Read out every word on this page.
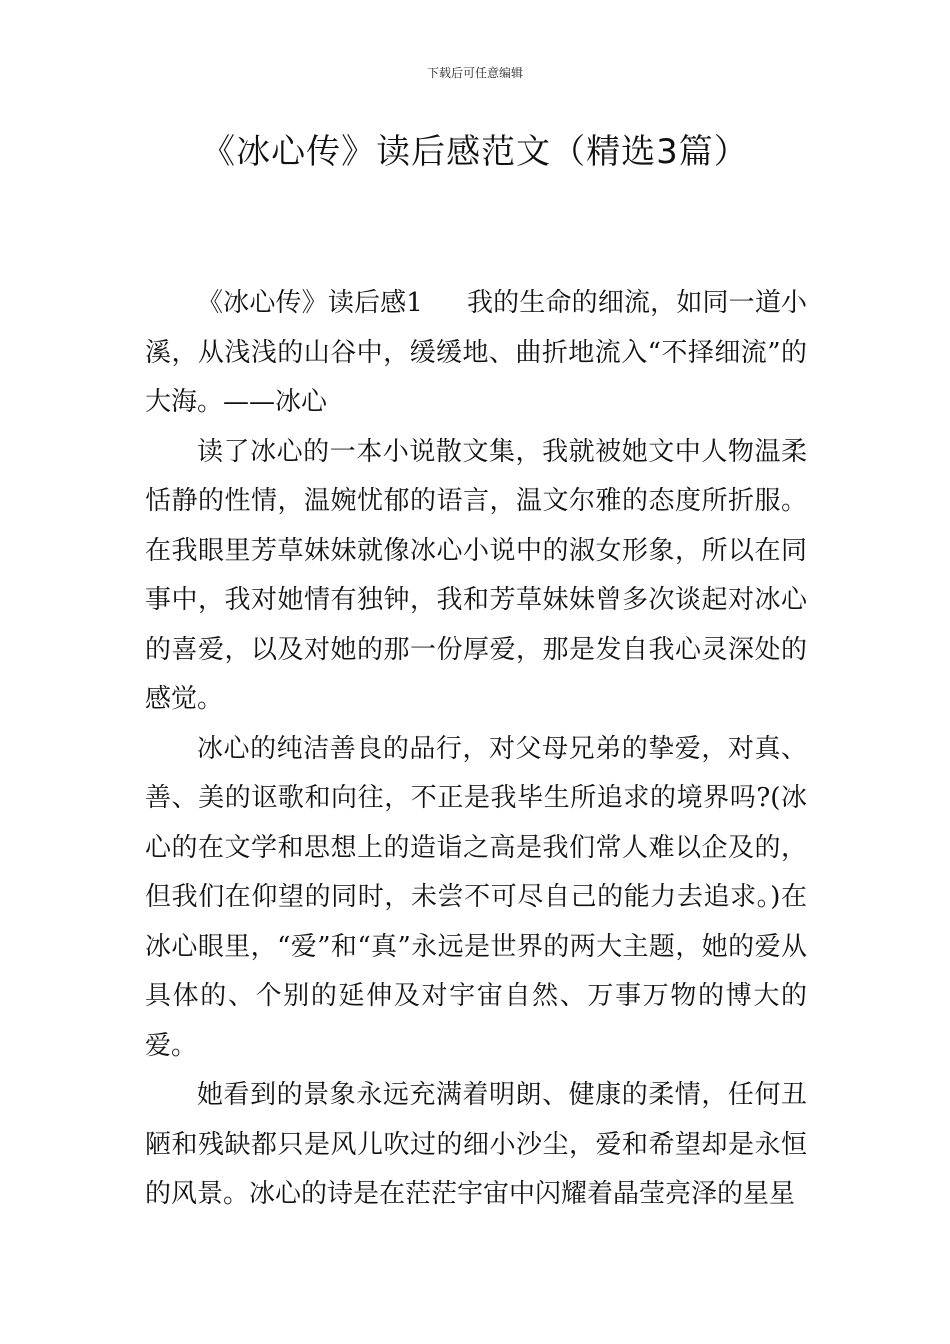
下载后可任意编辑
《冰心传》读后感范文（精选3篇）

《冰心传》读后感1 我的生命的细流，如同一道小溪，从浅浅的山谷中，缓缓地、曲折地流入“不择细流”的大海。——冰心

读了冰心的一本小说散文集，我就被她文中人物温柔恬静的性情，温婉忧郁的语言，温文尔雅的态度所折服。在我眼里芳草妹妹就像冰心小说中的淑女形象，所以在同事中，我对她情有独钟，我和芳草妹妹曾多次谈起对冰心的喜爱，以及对她的那一份厚爱，那是发自我心灵深处的感觉。

冰心的纯洁善良的品行，对父母兄弟的挚爱，对真、善、美的讴歌和向往，不正是我毕生所追求的境界吗?(冰心的在文学和思想上的造诣之高是我们常人难以企及的，但我们在仰望的同时，未尝不可尽自己的能力去追求。)在冰心眼里，“爱”和“真”永远是世界的两大主题，她的爱从具体的、个别的延伸及对宇宙自然、万事万物的博大的爱。

她看到的景象永远充满着明朗、健康的柔情，任何丑陋和残缺都只是风儿吹过的细小沙尘，爱和希望却是永恒的风景。冰心的诗是在茫茫宇宙中闪耀着晶莹亮泽的星星
